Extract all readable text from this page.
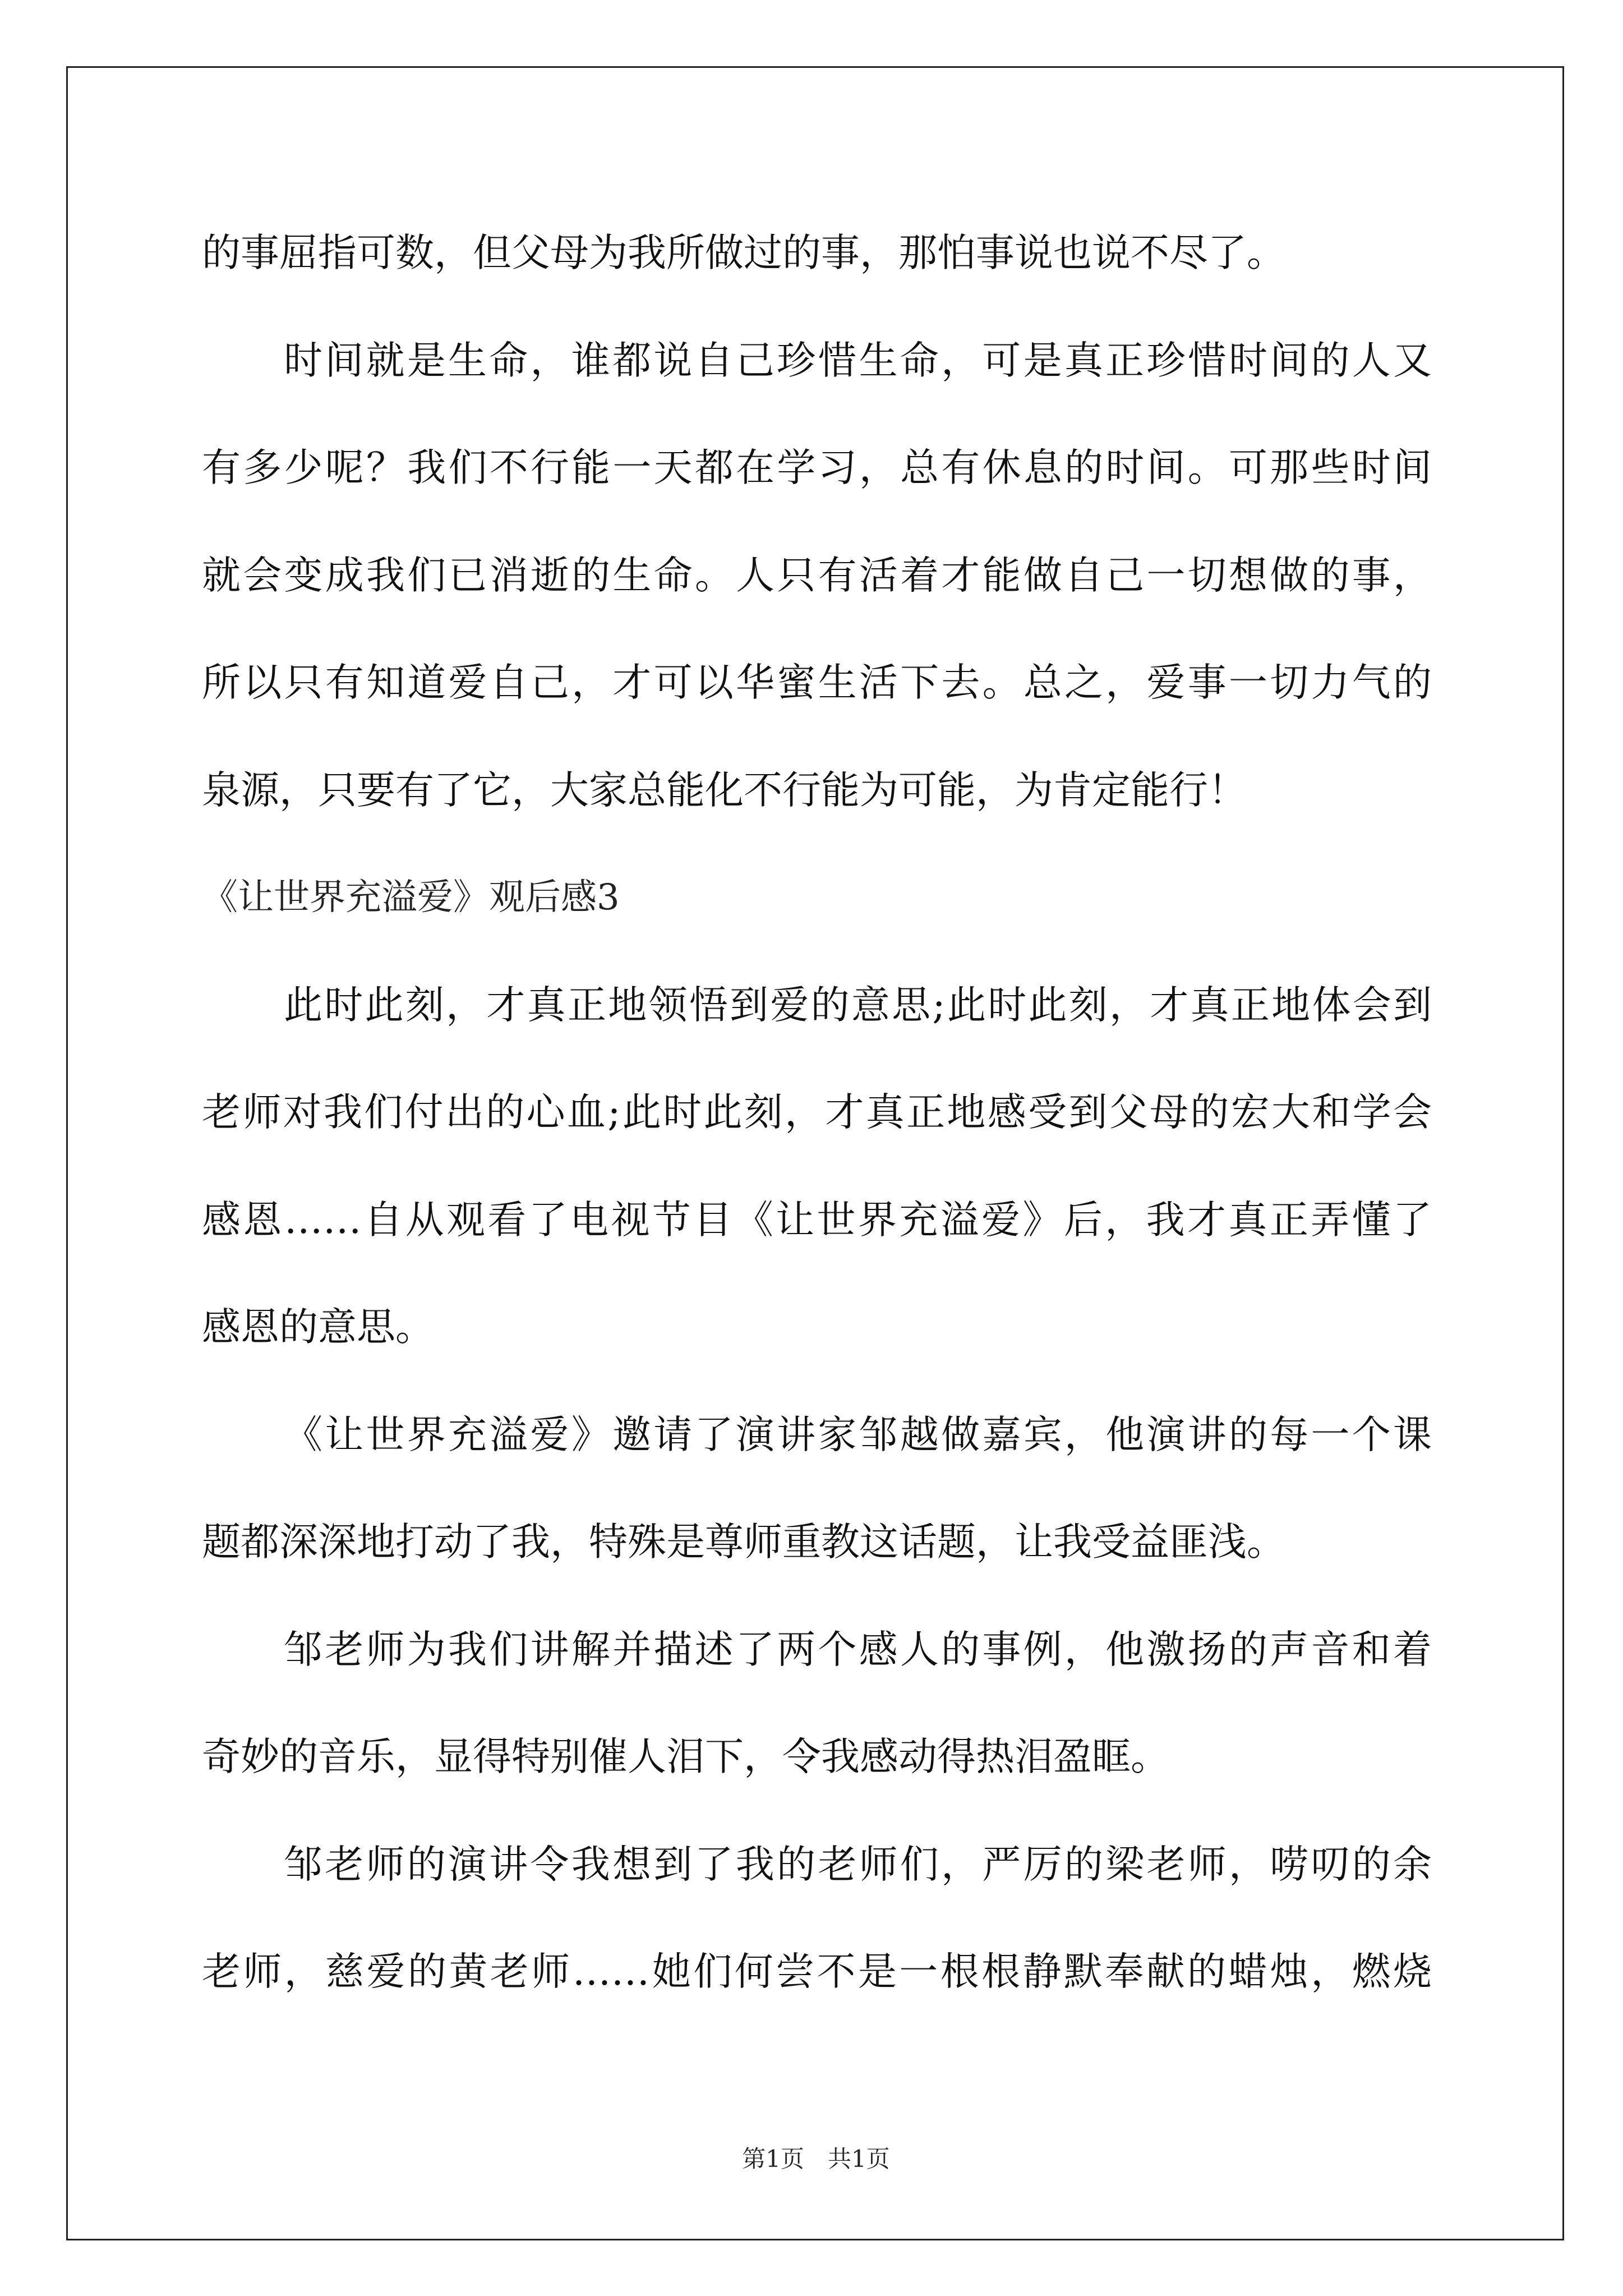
的事屈指可数，但父母为我所做过的事，那怕事说也说不尽了。
时间就是生命，谁都说自己珍惜生命，可是真正珍惜时间的人又
有多少呢？我们不行能一天都在学习，总有休息的时间。可那些时间
就会变成我们已消逝的生命。人只有活着才能做自己一切想做的事，
所以只有知道爱自己，才可以华蜜生活下去。总之，爱事一切力气的
泉源，只要有了它，大家总能化不行能为可能，为肯定能行！
《让世界充溢爱》观后感3
此时此刻，才真正地领悟到爱的意思;此时此刻，才真正地体会到
老师对我们付出的心血;此时此刻，才真正地感受到父母的宏大和学会
感恩……自从观看了电视节目《让世界充溢爱》后，我才真正弄懂了
感恩的意思。
《让世界充溢爱》邀请了演讲家邹越做嘉宾，他演讲的每一个课
题都深深地打动了我，特殊是尊师重教这话题，让我受益匪浅。
邹老师为我们讲解并描述了两个感人的事例，他激扬的声音和着
奇妙的音乐，显得特别催人泪下，令我感动得热泪盈眶。
邹老师的演讲令我想到了我的老师们，严厉的梁老师，唠叨的余
老师，慈爱的黄老师……她们何尝不是一根根静默奉献的蜡烛，燃烧
第1页　共1页
